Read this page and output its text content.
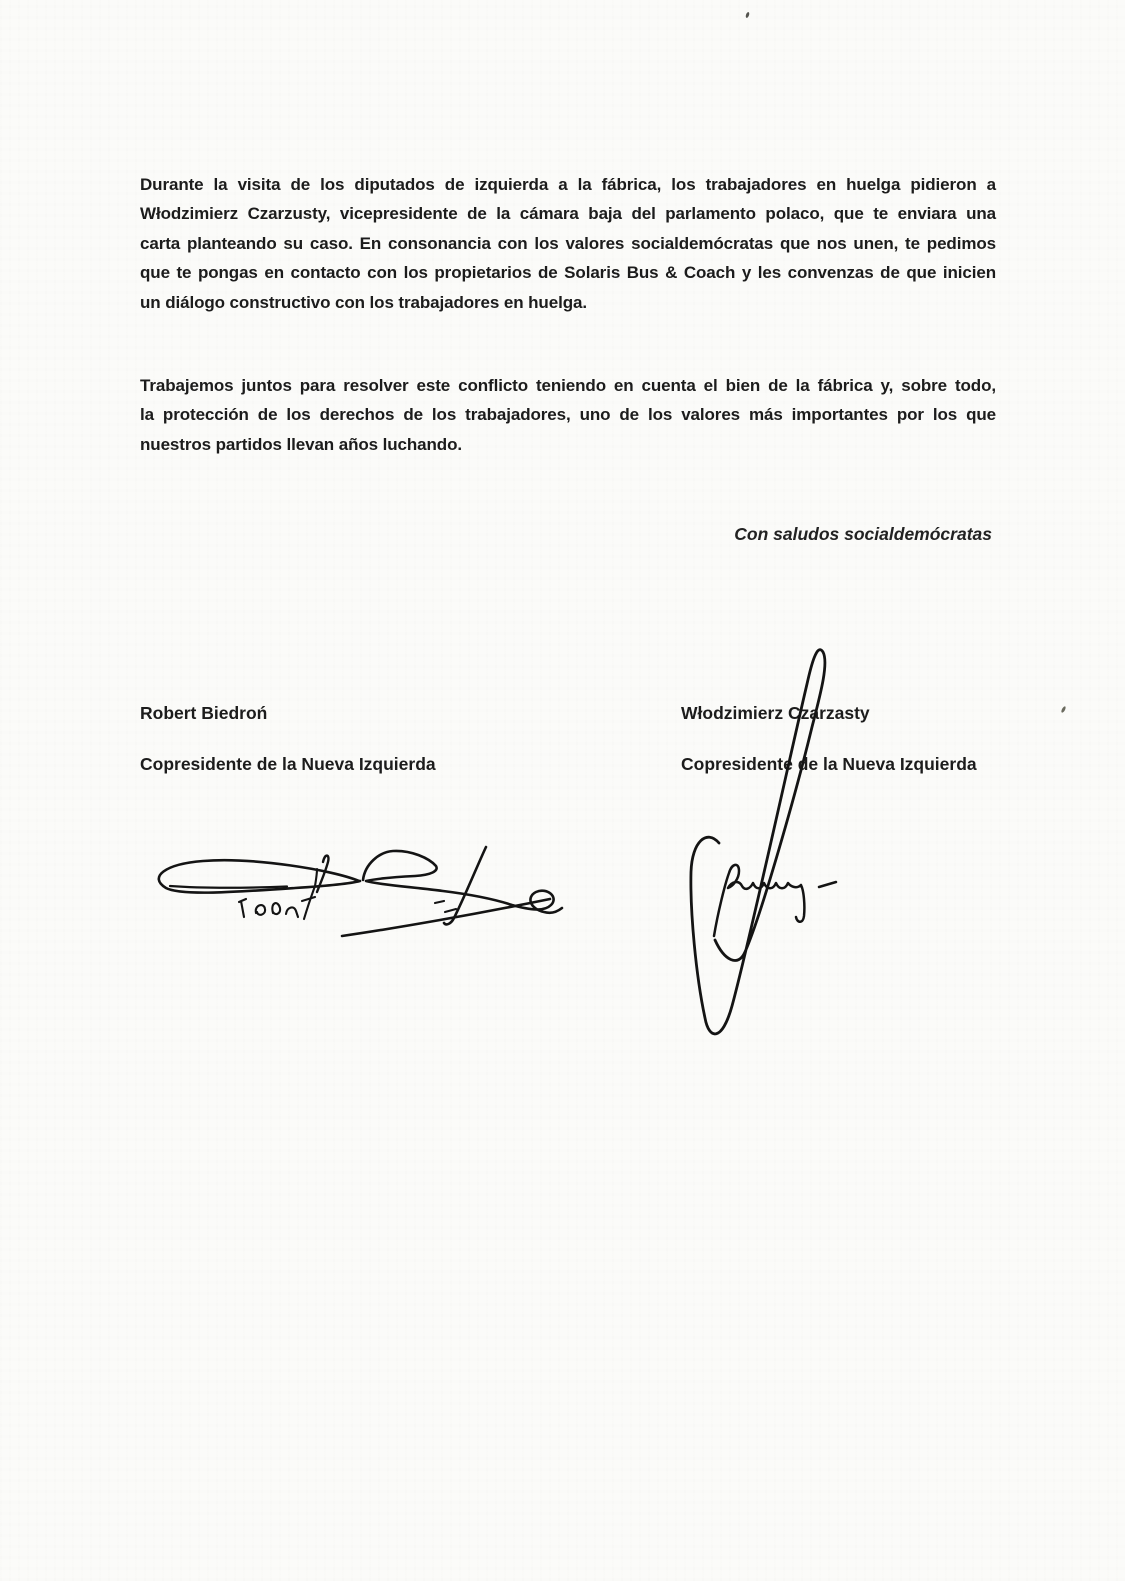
Durante la visita de los diputados de izquierda a la fábrica, los trabajadores en huelga pidieron a
Włodzimierz Czarzusty, vicepresidente de la cámara baja del parlamento polaco, que te enviara una
carta planteando su caso. En consonancia con los valores socialdemócratas que nos unen, te pedimos
que te pongas en contacto con los propietarios de Solaris Bus & Coach y les convenzas de que inicien
un diálogo constructivo con los trabajadores en huelga.
Trabajemos juntos para resolver este conflicto teniendo en cuenta el bien de la fábrica y, sobre todo,
la protección de los derechos de los trabajadores, uno de los valores más importantes por los que
nuestros partidos llevan años luchando.
Con saludos socialdemócratas
Robert Biedroń
Copresidente de la Nueva Izquierda
Włodzimierz Czarzasty
Copresidente de la Nueva Izquierda
